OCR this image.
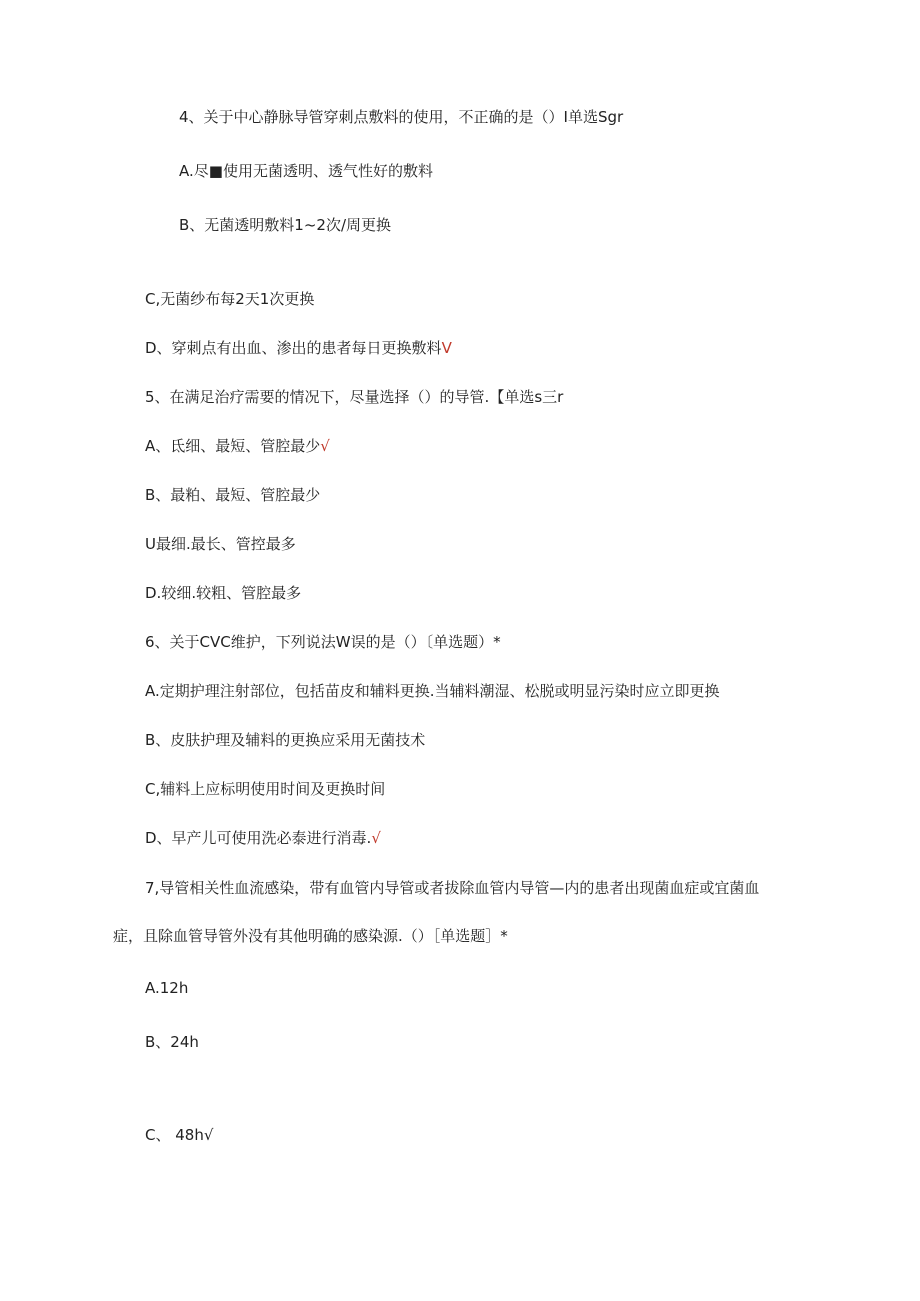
4、关于中心静脉导管穿刺点敷料的使用，不正确的是（）I单选Sgr
A.尽■使用无菌透明、透气性好的敷料
B、无菌透明敷料1~2次/周更换
C,无菌纱布每2天1次更换
D、穿刺点有出血、渗出的患者每日更换敷料V
5、在满足治疗需要的情况下，尽量选择（）的导管.【单选s三r
A、氐细、最短、管腔最少√
B、最粕、最短、管腔最少
U最细.最长、管控最多
D.较细.较粗、管腔最多
6、关于CVC维护，下列说法W误的是（）〔单选题）*
A.定期护理注射部位，包括苗皮和辅料更换.当辅料潮湿、松脱或明显污染时应立即更换
B、皮肤护理及辅料的更换应采用无菌技术
C,辅料上应标明使用时间及更换时间
D、早产儿可使用洗必泰进行消毒.√
7,导管相关性血流感染，带有血管内导管或者拔除血管内导管—内的患者出现菌血症或宜菌血
症，且除血管导管外没有其他明确的感染源.（）［单选题］*
A.12h
B、24h
C、 48h√
